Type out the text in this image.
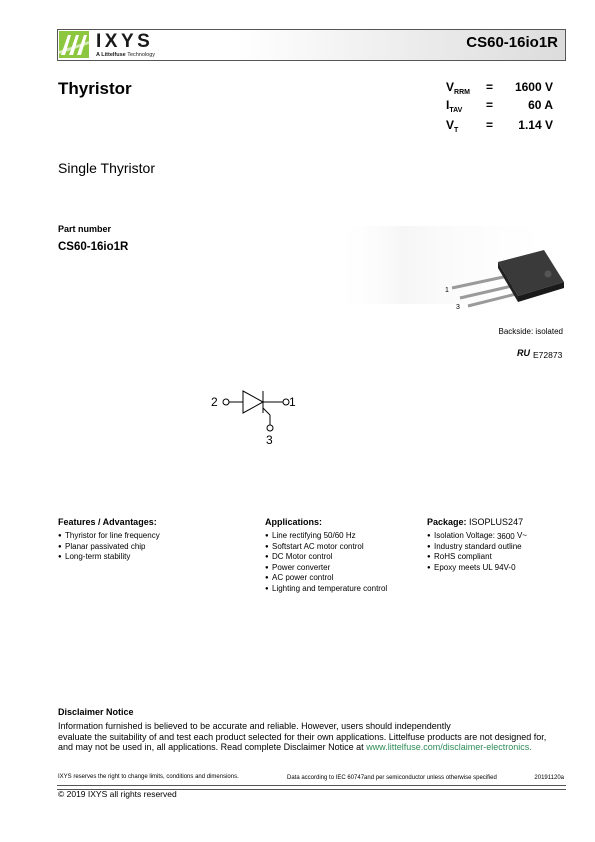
IXYS
A Littelfuse Technology
CS60-16io1R
Thyristor	$V_{RRM} = 1600$ V
$I_{TAV}$ =	60 A
$V_T = 1.14$ V
Single Thyristor
Part number
CS60-16io1R
1
3
Backside: isolated
RU E72873
2	1
3
Features / Advantages:
● Thyristor for line frequency
● Planar passivated chip
● Long-term stability
Applications:
● Line rectifying 50/60 Hz
● Softstart AC motor control
● DC Motor control
● Power converter
● AC power control
● Lighting and temperature control
Package: ISOPLUS247
● Isolation Voltage: 3600 V~
● Industry standard outline
● RoHS compliant
● Epoxy meets UL 94V-0
Disclaimer Notice
Information furnished is believed to be accurate and reliable. However, users should independently
evaluate the suitability of and test each product selected for their own applications. Littelfuse products are not designed for,
and may not be used in, all applications. Read complete Disclaimer Notice at www.littelfuse.com/disclaimer-electronics.
IXYS reserves the right to change limits, conditions and dimensions.	Data according to IEC 60747and per semiconductor unless otherwise specified	20191120a
© 2019 IXYS all rights reserved
